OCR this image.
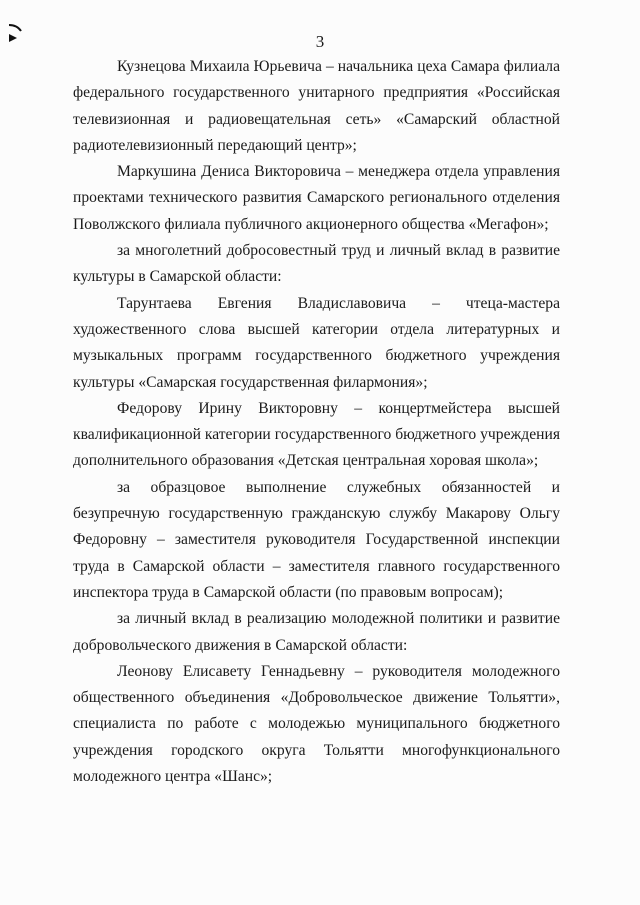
3

Кузнецова Михаила Юрьевича – начальника цеха Самара филиала федерального государственного унитарного предприятия «Российская телевизионная и радиовещательная сеть» «Самарский областной радиотелевизионный передающий центр»;

Маркушина Дениса Викторовича – менеджера отдела управления проектами технического развития Самарского регионального отделения Поволжского филиала публичного акционерного общества «Мегафон»;

за многолетний добросовестный труд и личный вклад в развитие культуры в Самарской области:

Тарунтаева Евгения Владиславовича – чтеца-мастера художественного слова высшей категории отдела литературных и музыкальных программ государственного бюджетного учреждения культуры «Самарская государственная филармония»;

Федорову Ирину Викторовну – концертмейстера высшей квалификационной категории государственного бюджетного учреждения дополнительного образования «Детская центральная хоровая школа»;

за образцовое выполнение служебных обязанностей и безупречную государственную гражданскую службу Макарову Ольгу Федоровну – заместителя руководителя Государственной инспекции труда в Самарской области – заместителя главного государственного инспектора труда в Самарской области (по правовым вопросам);

за личный вклад в реализацию молодежной политики и развитие добровольческого движения в Самарской области:

Леонову Елисавету Геннадьевну – руководителя молодежного общественного объединения «Добровольческое движение Тольятти», специалиста по работе с молодежью муниципального бюджетного учреждения городского округа Тольятти многофункционального молодежного центра «Шанс»;
